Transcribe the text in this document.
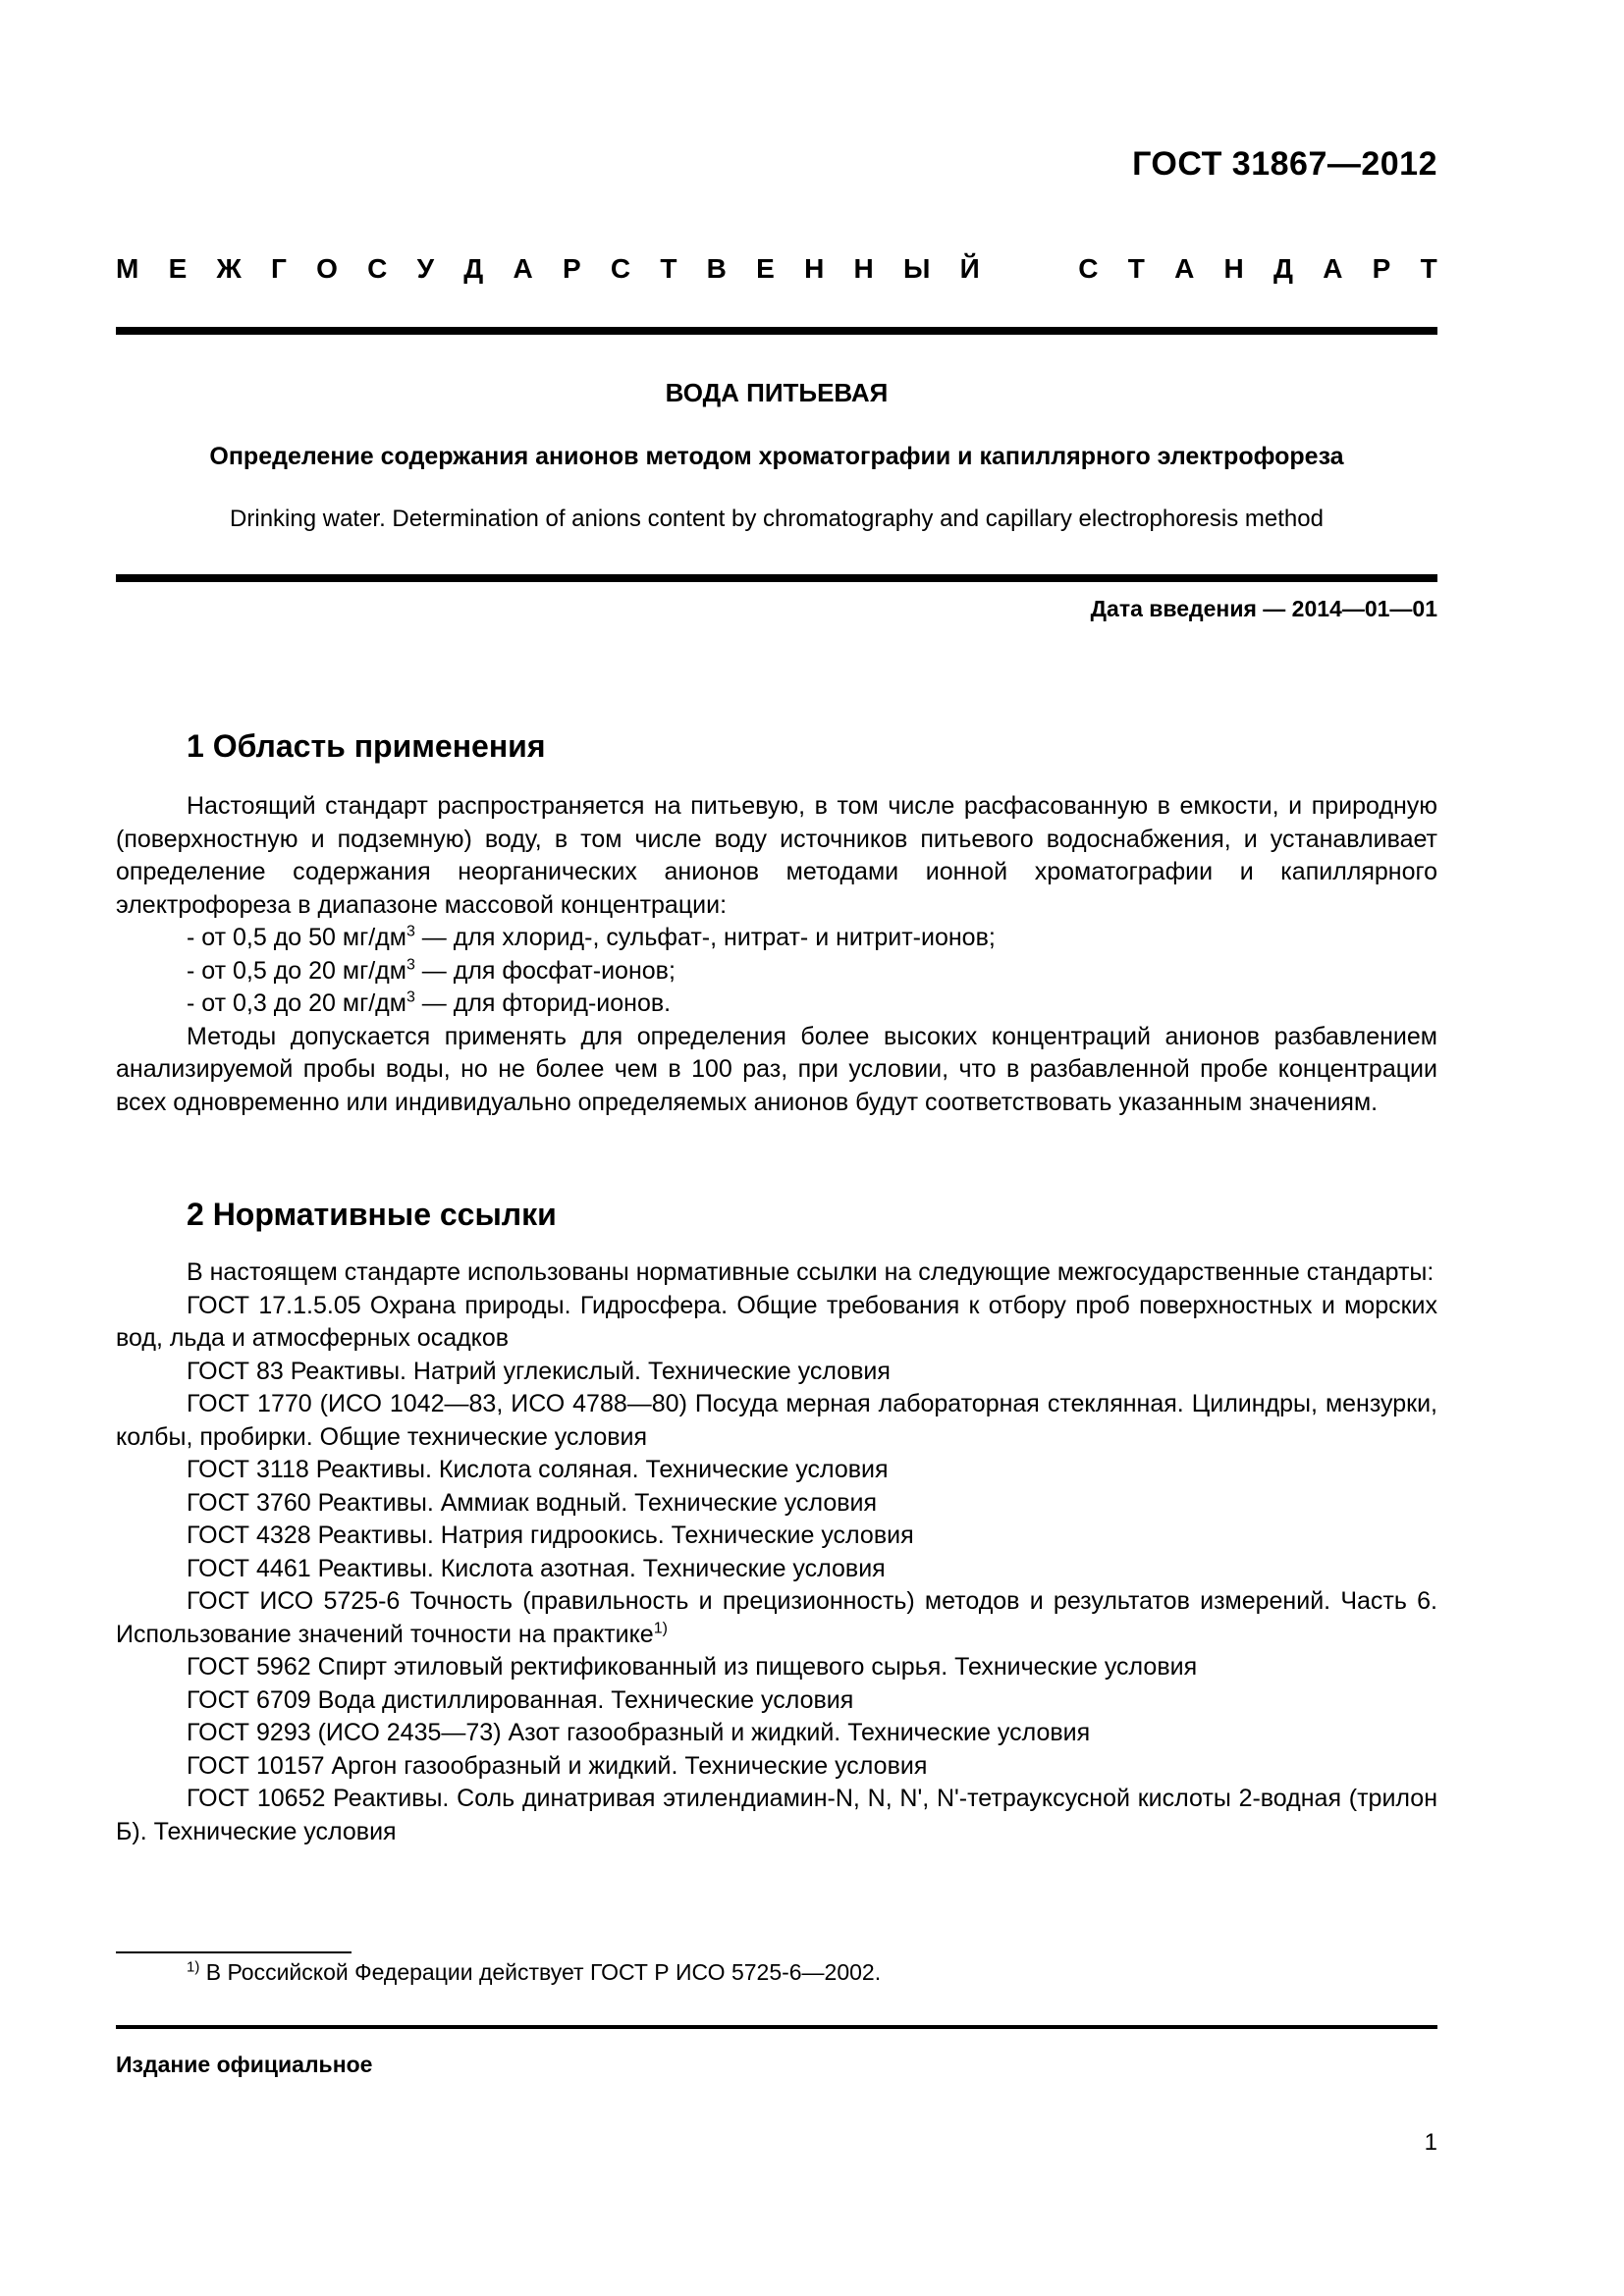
ГОСТ 31867—2012
М Е Ж Г О С У Д А Р С Т В Е Н Н Ы Й	С Т А Н Д А Р Т
ВОДА ПИТЬЕВАЯ
Определение содержания анионов методом хроматографии и капиллярного электрофореза
Drinking water. Determination of anions content by chromatography and capillary electrophoresis method
Дата введения — 2014—01—01
1 Область применения

Настоящий стандарт распространяется на питьевую, в том числе расфасованную в емкости, и природную (поверхностную и подземную) воду, в том числе воду источников питьевого водоснабжения, и устанавливает определение содержания неорганических анионов методами ионной хроматографии и капиллярного электрофореза в диапазоне массовой концентрации:

- от 0,5 до 50 $мг/дм^3$ — для хлорид-, сульфат-, нитрат- и нитрит-ионов;
- от 0,5 до 20 $мг/дм^3$ — для фосфат-ионов;
- от 0,3 до 20 $мг/дм^3$ — для фторид-ионов.

Методы допускается применять для определения более высоких концентраций анионов разбавлением анализируемой пробы воды, но не более чем в 100 раз, при условии, что в разбавленной пробе концентрации всех одновременно или индивидуально определяемых анионов будут соответствовать указанным значениям.

2 Нормативные ссылки

В настоящем стандарте использованы нормативные ссылки на следующие межгосударственные стандарты:

ГОСТ 17.1.5.05 Охрана природы. Гидросфера. Общие требования к отбору проб поверхностных и морских вод, льда и атмосферных осадков

ГОСТ 83 Реактивы. Натрий углекислый. Технические условия

ГОСТ 1770 (ИСО 1042—83, ИСО 4788—80) Посуда мерная лабораторная стеклянная. Цилиндры, мензурки, колбы, пробирки. Общие технические условия

ГОСТ 3118 Реактивы. Кислота соляная. Технические условия

ГОСТ 3760 Реактивы. Аммиак водный. Технические условия

ГОСТ 4328 Реактивы. Натрия гидроокись. Технические условия

ГОСТ 4461 Реактивы. Кислота азотная. Технические условия

ГОСТ ИСО 5725-6 Точность (правильность и прецизионность) методов и результатов измерений. Часть 6. Использование значений точности на практике$^{1)}$

ГОСТ 5962 Спирт этиловый ректификованный из пищевого сырья. Технические условия

ГОСТ 6709 Вода дистиллированная. Технические условия

ГОСТ 9293 (ИСО 2435—73) Азот газообразный и жидкий. Технические условия

ГОСТ 10157 Аргон газообразный и жидкий. Технические условия

ГОСТ 10652 Реактивы. Соль динатривая этилендиамин-N, N, N', N'-тетрауксусной кислоты 2-водная (трилон Б). Технические условия

$^{1)}$ В Российской Федерации действует ГОСТ Р ИСО 5725-6—2002.
Издание официальное
1
